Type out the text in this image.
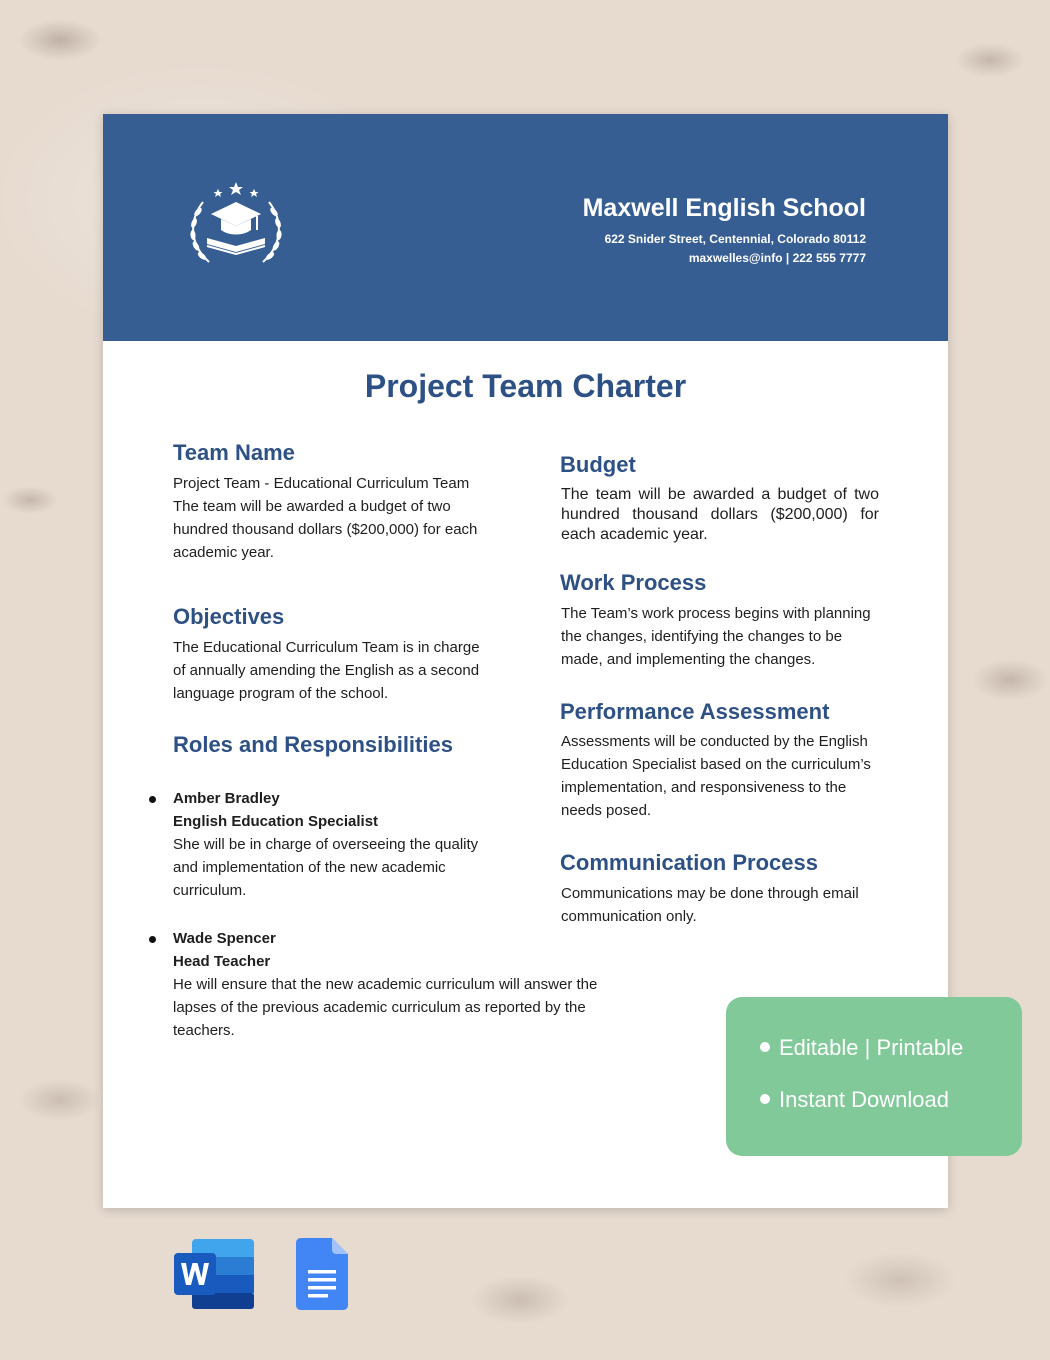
Maxwell English School
622 Snider Street, Centennial, Colorado 80112
maxwelles@info | 222 555 7777
Project Team Charter
Team Name
Project Team - Educational Curriculum Team
The team will be awarded a budget of two
hundred thousand dollars ($200,000) for each
academic year.
Objectives
The Educational Curriculum Team is in charge
of annually amending the English as a second
language program of the school.
Roles and Responsibilities
Amber Bradley
English Education Specialist
She will be in charge of overseeing the quality
and implementation of the new academic
curriculum.
Wade Spencer
Head Teacher
He will ensure that the new academic curriculum will answer the
lapses of the previous academic curriculum as reported by the
teachers.
Budget
The team will be awarded a budget of two hundred thousand dollars ($200,000) for each academic year.
Work Process
The Team’s work process begins with planning
the changes, identifying the changes to be
made, and implementing the changes.
Performance Assessment
Assessments will be conducted by the English
Education Specialist based on the curriculum’s
implementation, and responsiveness to the
needs posed.
Communication Process
Communications may be done through email
communication only.
Editable | Printable
Instant Download
